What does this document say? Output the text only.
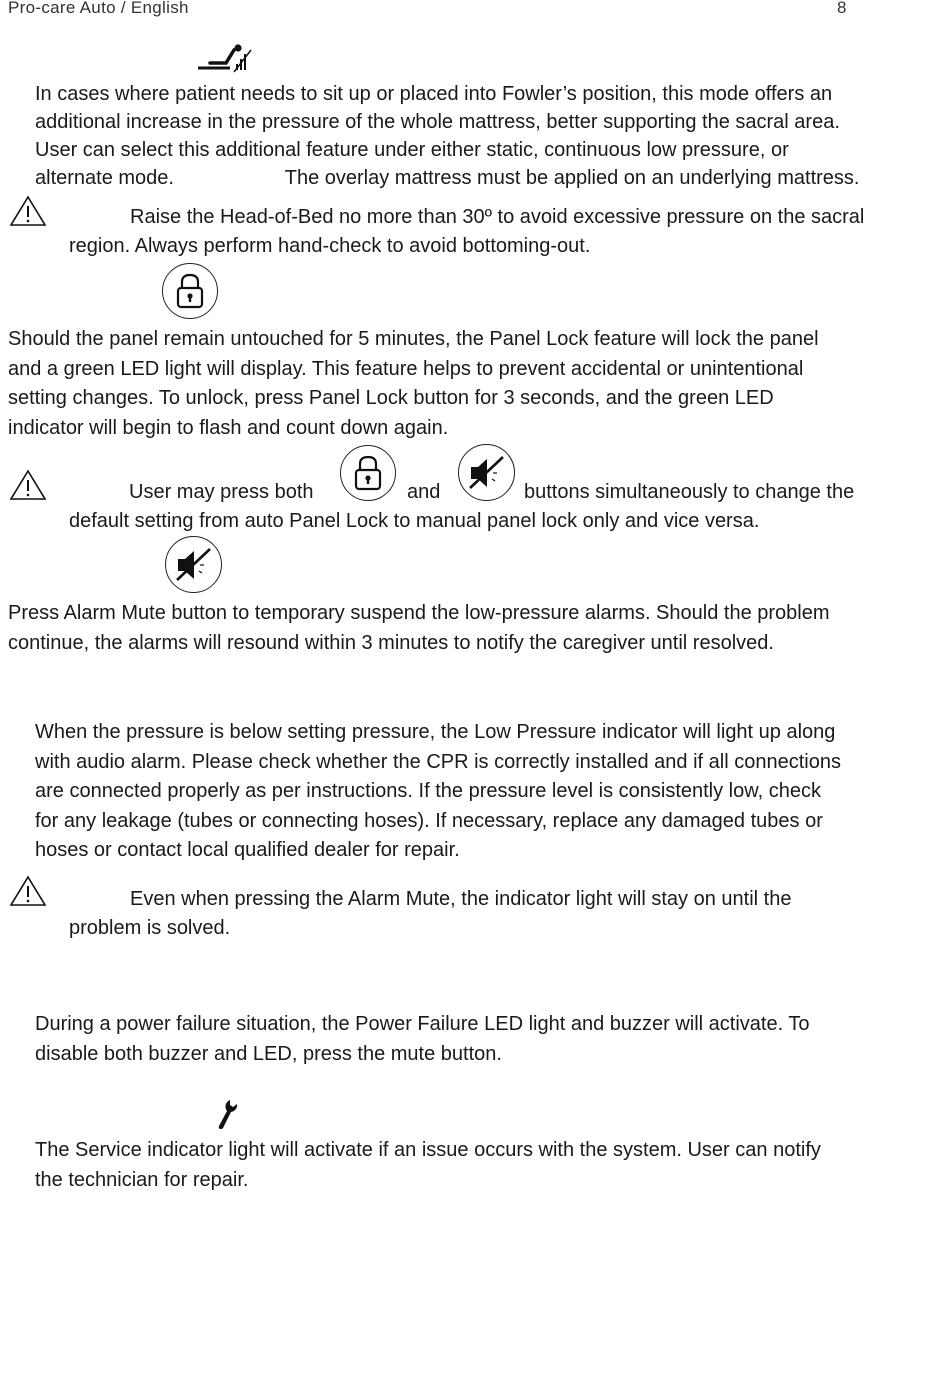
Pro-care Auto / English	8
In cases where patient needs to sit up or placed into Fowler’s position, this mode offers an
additional increase in the pressure of the whole mattress, better supporting the sacral area.
User can select this additional feature under either static, continuous low pressure, or
alternate mode.	The overlay mattress must be applied on an underlying mattress.
Raise the Head-of-Bed no more than 30º to avoid excessive pressure on the sacral
region. Always perform hand-check to avoid bottoming-out.
Should the panel remain untouched for 5 minutes, the Panel Lock feature will lock the panel
and a green LED light will display. This feature helps to prevent accidental or unintentional
setting changes. To unlock, press Panel Lock button for 3 seconds, and the green LED
indicator will begin to flash and count down again.
User may press both	and	buttons simultaneously to change the
default setting from auto Panel Lock to manual panel lock only and vice versa.
Press Alarm Mute button to temporary suspend the low-pressure alarms. Should the problem
continue, the alarms will resound within 3 minutes to notify the caregiver until resolved.
When the pressure is below setting pressure, the Low Pressure indicator will light up along
with audio alarm. Please check whether the CPR is correctly installed and if all connections
are connected properly as per instructions. If the pressure level is consistently low, check
for any leakage (tubes or connecting hoses). If necessary, replace any damaged tubes or
hoses or contact local qualified dealer for repair.
Even when pressing the Alarm Mute, the indicator light will stay on until the
problem is solved.
During a power failure situation, the Power Failure LED light and buzzer will activate. To
disable both buzzer and LED, press the mute button.
The Service indicator light will activate if an issue occurs with the system. User can notify
the technician for repair.
